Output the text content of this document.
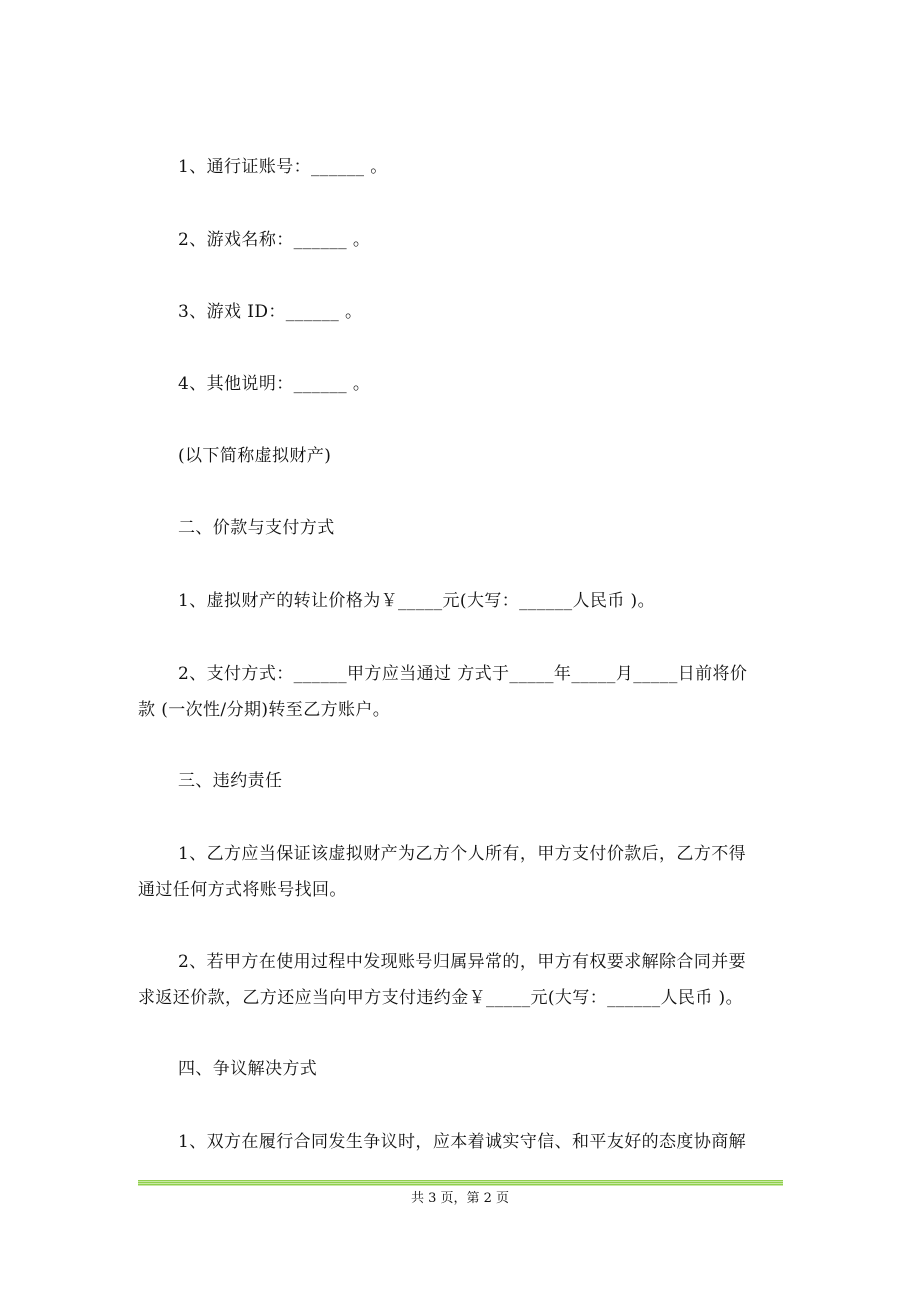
1、通行证账号：______ 。
2、游戏名称：______ 。
3、游戏 ID：______ 。
4、其他说明：______ 。
(以下简称虚拟财产)
二、价款与支付方式
1、虚拟财产的转让价格为￥_____元(大写：______人民币 )。
2、支付方式：______甲方应当通过 方式于_____年_____月_____日前将价
款 (一次性/分期)转至乙方账户。
三、违约责任
1、乙方应当保证该虚拟财产为乙方个人所有，甲方支付价款后，乙方不得
通过任何方式将账号找回。
2、若甲方在使用过程中发现账号归属异常的，甲方有权要求解除合同并要
求返还价款，乙方还应当向甲方支付违约金￥_____元(大写：______人民币 )。
四、争议解决方式
1、双方在履行合同发生争议时，应本着诚实守信、和平友好的态度协商解
共 3 页，第 2 页
